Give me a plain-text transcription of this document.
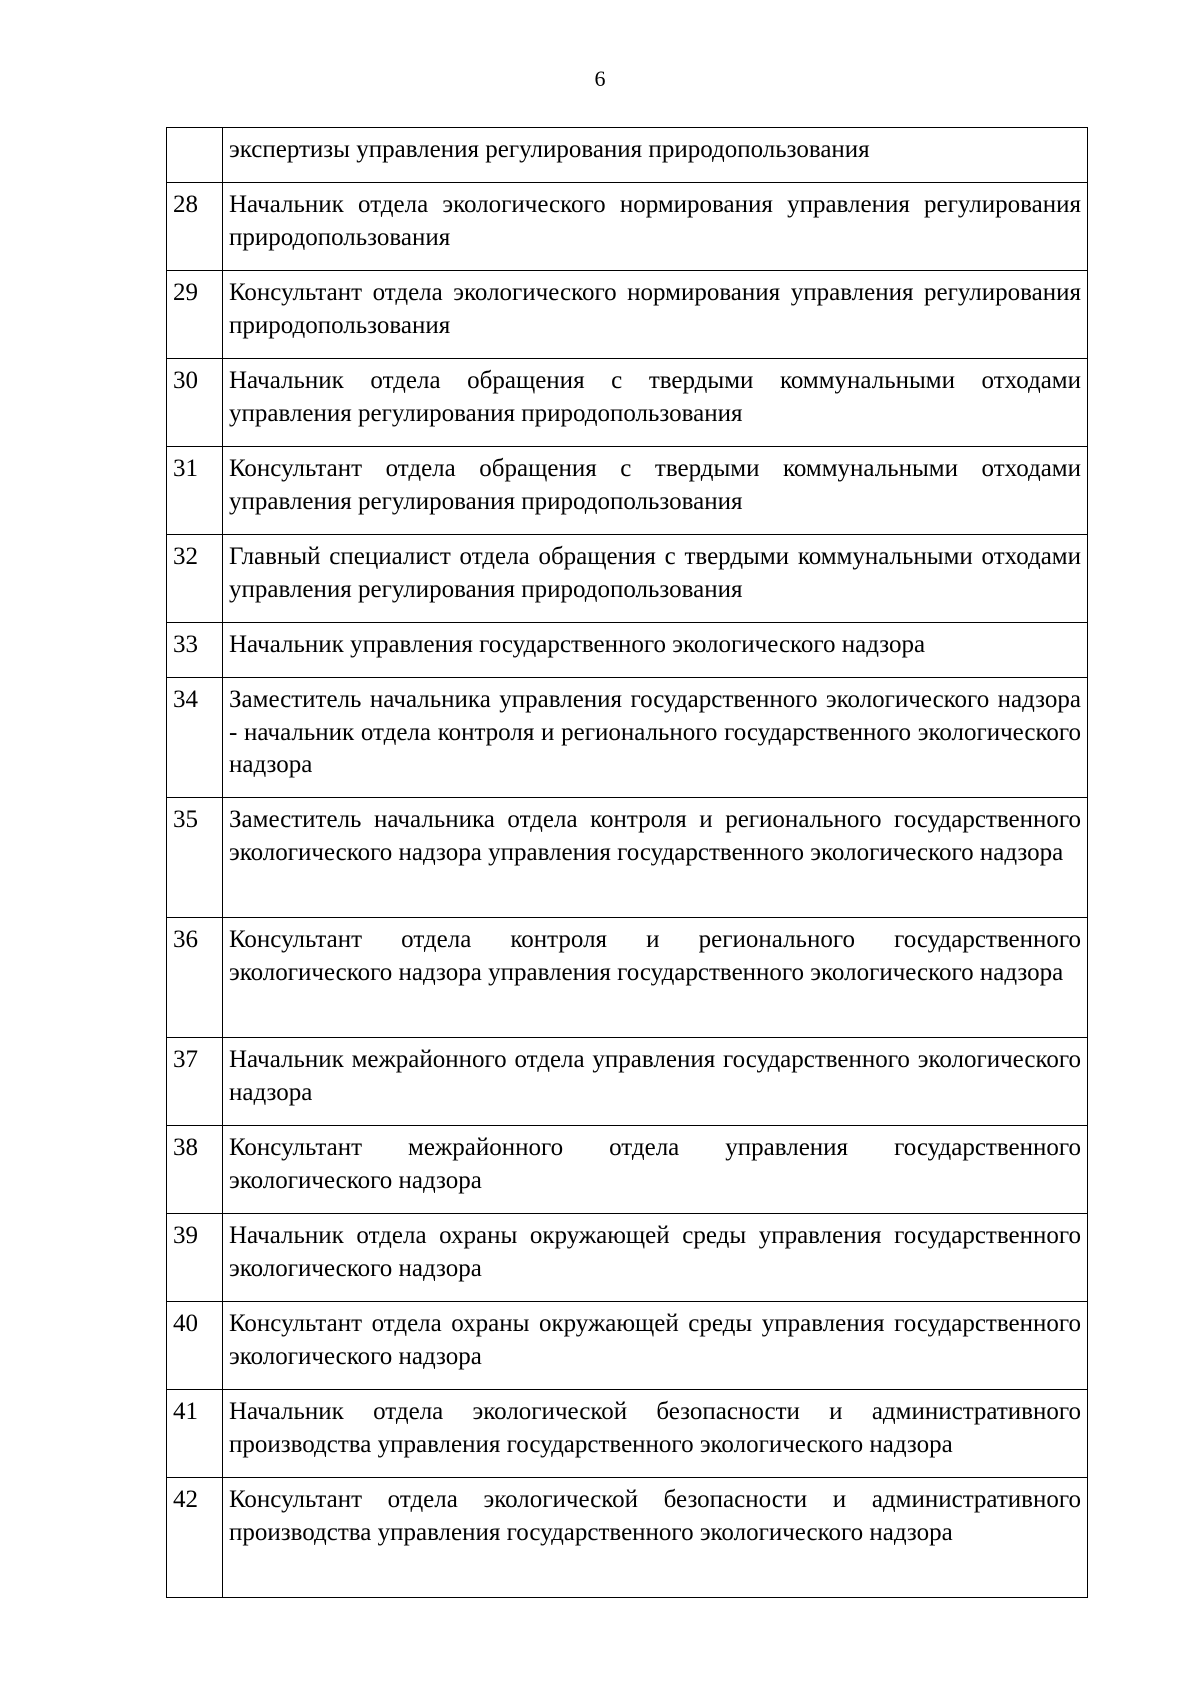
6
	экспертизы управления регулирования природопользования
28	Начальник отдела экологического нормирования управления регулирования природопользования
29	Консультант отдела экологического нормирования управления регулирования природопользования
30	Начальник отдела обращения с твердыми коммунальными отходами управления регулирования природопользования
31	Консультант отдела обращения с твердыми коммунальными отходами управления регулирования природопользования
32	Главный специалист отдела обращения с твердыми коммунальными отходами управления регулирования природопользования
33	Начальник управления государственного экологического надзора
34	Заместитель начальника управления государственного экологического надзора - начальник отдела контроля и регионального государственного экологического надзора
35	Заместитель начальника отдела контроля и регионального государственного экологического надзора управления государственного экологического надзора
36	Консультант отдела контроля и регионального государственного экологического надзора управления государственного экологического надзора
37	Начальник межрайонного отдела управления государственного экологического надзора
38	Консультант межрайонного отдела управления государственного экологического надзора
39	Начальник отдела охраны окружающей среды управления государственного экологического надзора
40	Консультант отдела охраны окружающей среды управления государственного экологического надзора
41	Начальник отдела экологической безопасности и административного производства управления государственного экологического надзора
42	Консультант отдела экологической безопасности и административного производства управления государственного экологического надзора
